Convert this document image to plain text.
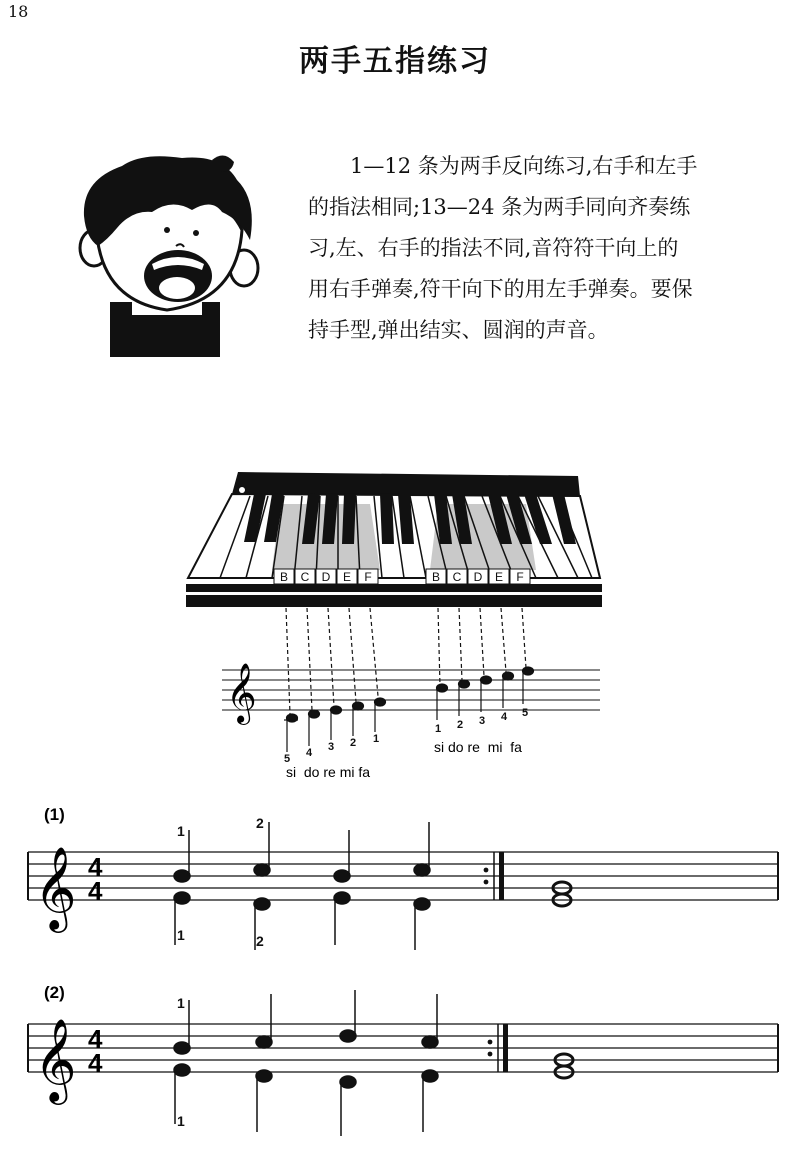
18
两手五指练习

1—12 条为两手反向练习,右手和左手

的指法相同;13—24 条为两手同向齐奏练

习,左、右手的指法不同,音符符干向上的

用右手弹奏,符干向下的用左手弹奏。要保

持手型,弹出结实、圆润的声音。

B C D E F	B C D E F
𝄞
5 4 3 2 1
1 2 3 4 5
si  do re mi fa
si do re  mi  fa
(1)
𝄞 4
4
1	2
1	2
(2)
𝄞 4
4
1
1
